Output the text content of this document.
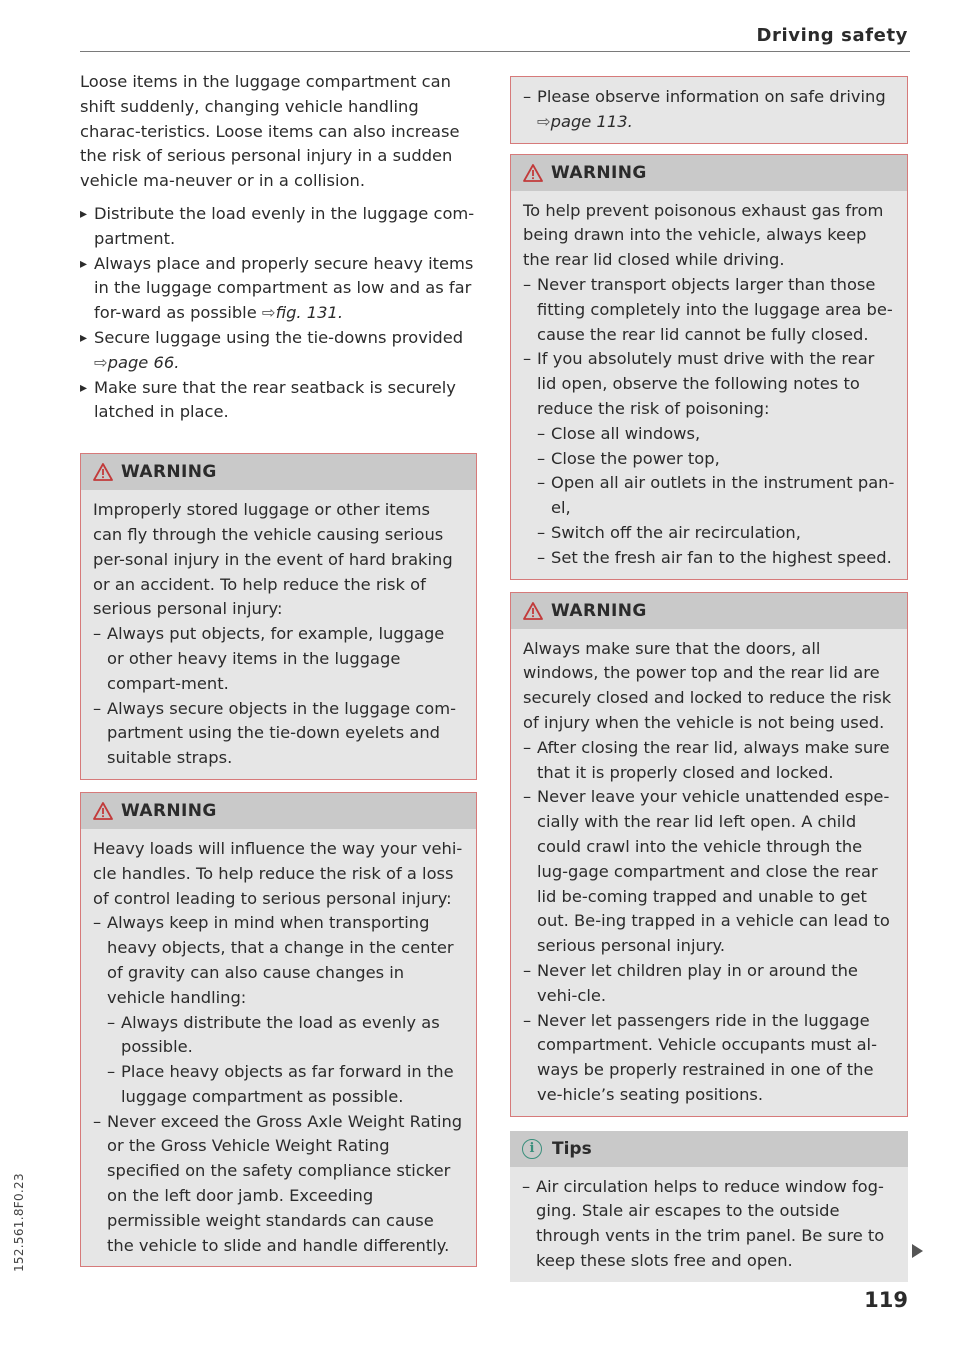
Driving safety

Loose items in the luggage compartment can shift suddenly, changing vehicle handling charac-teristics. Loose items can also increase the risk of serious personal injury in a sudden vehicle ma-neuver or in a collision.

▸ Distribute the load evenly in the luggage com-partment.
▸ Always place and properly secure heavy items in the luggage compartment as low and as far for-ward as possible ⇨fig. 131.
▸ Secure luggage using the tie-downs provided ⇨page 66.
▸ Make sure that the rear seatback is securely latched in place.
WARNING

Improperly stored luggage or other items can fly through the vehicle causing serious per-sonal injury in the event of hard braking or an accident. To help reduce the risk of serious personal injury:

– Always put objects, for example, luggage or other heavy items in the luggage compart-ment.
– Always secure objects in the luggage com-partment using the tie-down eyelets and suitable straps.
WARNING

Heavy loads will influence the way your vehi-cle handles. To help reduce the risk of a loss of control leading to serious personal injury:

– Always keep in mind when transporting heavy objects, that a change in the center of gravity can also cause changes in vehicle handling:
– Always distribute the load as evenly as possible.
– Place heavy objects as far forward in the luggage compartment as possible.
– Never exceed the Gross Axle Weight Rating or the Gross Vehicle Weight Rating specified on the safety compliance sticker on the left door jamb. Exceeding permissible weight standards can cause the vehicle to slide and handle differently.
– Please observe information on safe driving
⇨page 113.
WARNING

To help prevent poisonous exhaust gas from being drawn into the vehicle, always keep the rear lid closed while driving.

– Never transport objects larger than those fitting completely into the luggage area be-cause the rear lid cannot be fully closed.
– If you absolutely must drive with the rear lid open, observe the following notes to reduce the risk of poisoning:
– Close all windows,
– Close the power top,
– Open all air outlets in the instrument pan-el,
– Switch off the air recirculation,
– Set the fresh air fan to the highest speed.
WARNING

Always make sure that the doors, all windows, the power top and the rear lid are securely closed and locked to reduce the risk of injury when the vehicle is not being used.

– After closing the rear lid, always make sure that it is properly closed and locked.
– Never leave your vehicle unattended espe-cially with the rear lid left open. A child could crawl into the vehicle through the lug-gage compartment and close the rear lid be-coming trapped and unable to get out. Be-ing trapped in a vehicle can lead to serious personal injury.
– Never let children play in or around the vehi-cle.
– Never let passengers ride in the luggage compartment. Vehicle occupants must al-ways be properly restrained in one of the ve-hicle’s seating positions.
i	Tips
– Air circulation helps to reduce window fog-ging. Stale air escapes to the outside through vents in the trim panel. Be sure to keep these slots free and open.
119
152.561.8F0.23
